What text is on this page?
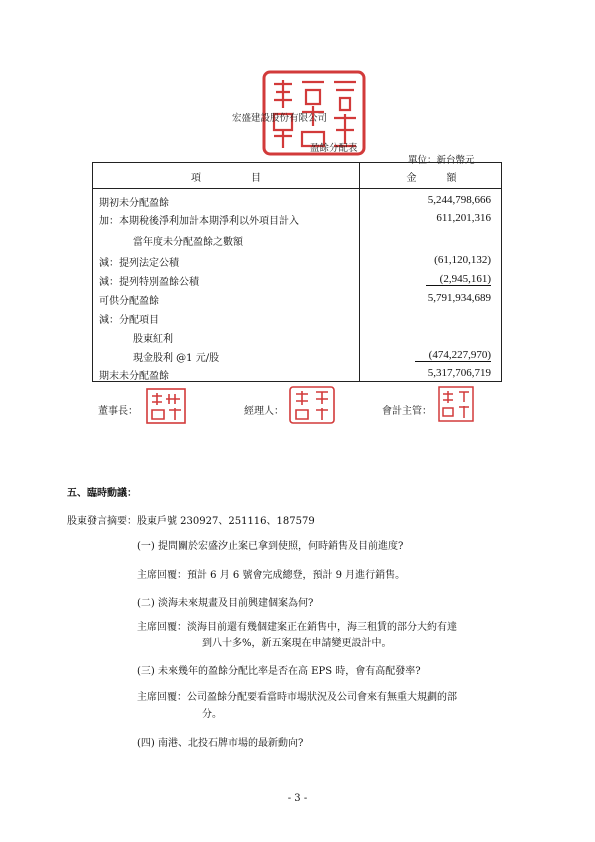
宏盛建設股份有限公司
盈餘分配表
單位：新台幣元
項　　　　　目	金　　　額
期初未分配盈餘	5,244,798,666
加：本期稅後淨利加計本期淨利以外項目計入	611,201,316
當年度未分配盈餘之數額
減：提列法定公積	(61,120,132)
減：提列特別盈餘公積	(2,945,161)
可供分配盈餘	5,791,934,689
減：分配項目
股東紅利
現金股利 @1 元/股	(474,227,970)
期末未分配盈餘	5,317,706,719
董事長：	經理人：	會計主管：
五、臨時動議：
股東發言摘要：股東戶號 230927、251116、187579
(一) 提問關於宏盛汐止案已拿到使照，何時銷售及目前進度?
主席回覆：預計 6 月 6 號會完成總登，預計 9 月進行銷售。
(二) 淡海未來規畫及目前興建個案為何?
主席回覆：淡海目前還有幾個建案正在銷售中，海三租賃的部分大約有達
到八十多%，新五案現在申請變更設計中。
(三) 未來幾年的盈餘分配比率是否在高 EPS 時，會有高配發率?
主席回覆：公司盈餘分配要看當時市場狀況及公司會來有無重大規劃的部
分。
(四) 南港、北投石牌市場的最新動向?
- 3 -
